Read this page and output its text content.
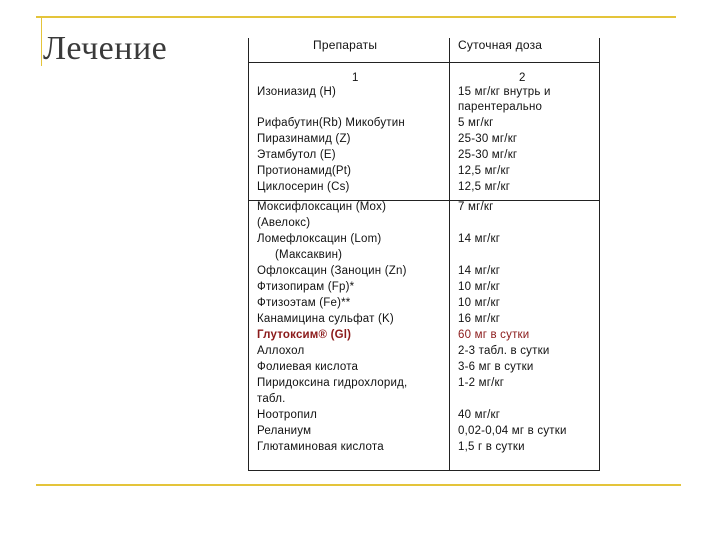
Лечение	Препараты	Суточная доза
1	2
Изониазид (H)	15 мг/кг внутрь и
парентерально
Рифабутин(Rb) Микобутин	5 мг/кг
Пиразинамид (Z)	25-30 мг/кг
Этамбутол (E)	25-30 мг/кг
Протионамид(Pt)	12,5 мг/кг
Циклосерин (Cs)	12,5 мг/кг
Моксифлоксацин (Mox)	7 мг/кг
(Авелокс)
Ломефлоксацин (Lom)	14 мг/кг
(Максаквин)
Офлоксацин (Заноцин (Zn)	14 мг/кг
Фтизопирам (Fp)*	10 мг/кг
Фтизоэтам (Fe)**	10 мг/кг
Канамицина сульфат (K)	16 мг/кг
Глутоксим® (Gl)	60 мг в сутки
Аллохол	2-3 табл. в сутки
Фолиевая кислота	3-6 мг в сутки
Пиридоксина гидрохлорид,	1-2 мг/кг
табл.
Ноотропил	40 мг/кг
Реланиум	0,02-0,04 мг в сутки
Глютаминовая кислота	1,5 г в сутки
